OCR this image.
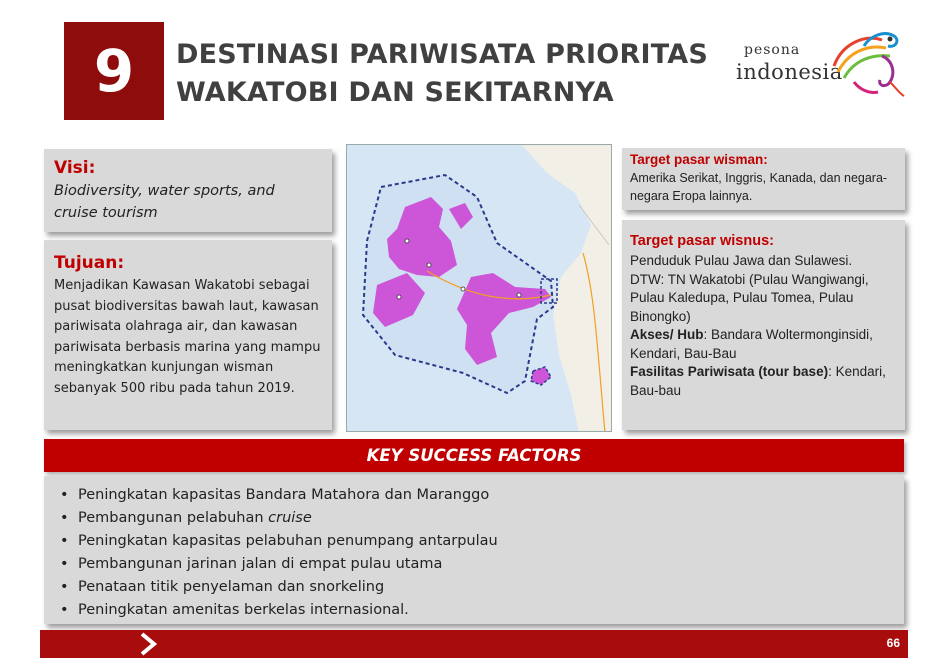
9 DESTINASI PARIWISATA PRIORITAS
WAKATOBI DAN SEKITARNYA
pesona
indonesia
Visi:
Biodiversity, water sports, and cruise tourism
Tujuan:
Menjadikan Kawasan Wakatobi sebagai pusat biodiversitas bawah laut, kawasan pariwisata olahraga air, dan kawasan pariwisata berbasis marina yang mampu meningkatkan kunjungan wisman sebanyak 500 ribu pada tahun 2019.
Target pasar wisman:
Amerika Serikat, Inggris, Kanada, dan negara-negara Eropa lainnya.
Target pasar wisnus:
Penduduk Pulau Jawa dan Sulawesi.
DTW: TN Wakatobi (Pulau Wangiwangi, Pulau Kaledupa, Pulau Tomea, Pulau Binongko)
Akses/ Hub: Bandara Woltermonginsidi, Kendari, Bau-Bau
Fasilitas Pariwisata (tour base): Kendari, Bau-bau
KEY SUCCESS FACTORS
• Peningkatan kapasitas Bandara Matahora dan Maranggo
• Pembangunan pelabuhan
cruise
• Peningkatan kapasitas pelabuhan penumpang antarpulau
• Pembangunan jarinan jalan di empat pulau utama
• Penataan titik penyelaman dan snorkeling
• Peningkatan amenitas berkelas internasional.
66
